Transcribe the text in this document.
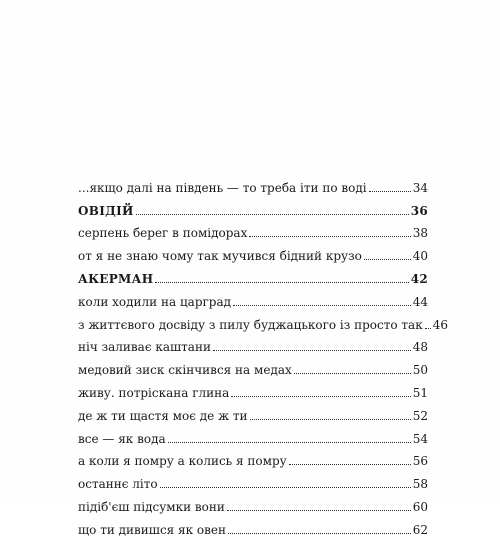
...якщо далі на південь — то треба іти по воді	34
ОВІДІЙ	36
серпень берег в помідорах	38
от я не знаю чому так мучився бідний крузо	40
АКЕРМАН	42
коли ходили на царград	44
з життєвого досвіду з пилу буджацького із просто так 46
ніч заливає каштани	48
медовий зиск скінчився на медах	50
живу. потріскана глина	51
де ж ти щастя моє де ж ти	52
все — як вода	54
а коли я помру а колись я помру	56
останнє літо	58
підіб'єш підсумки вони	60
що ти дивишся як овен	62
